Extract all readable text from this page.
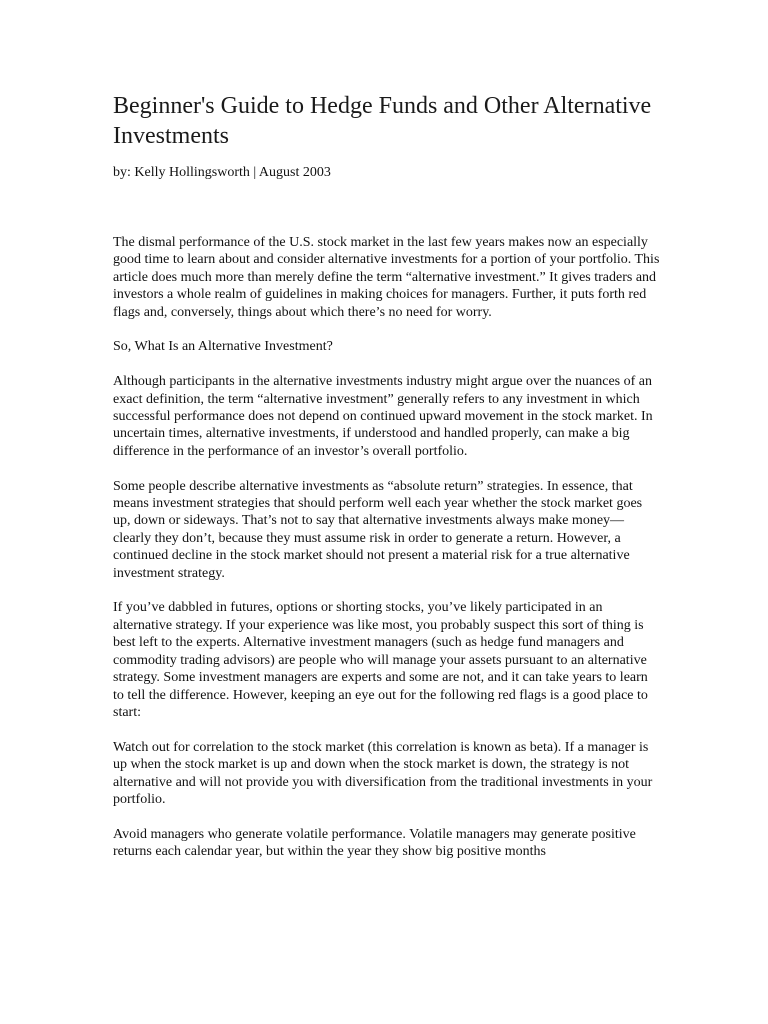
Beginner's Guide to Hedge Funds and Other Alternative Investments
by: Kelly Hollingsworth | August 2003

The dismal performance of the U.S. stock market in the last few years makes now an especially good time to learn about and consider alternative investments for a portion of your portfolio. This article does much more than merely define the term “alternative investment.” It gives traders and investors a whole realm of guidelines in making choices for managers. Further, it puts forth red flags and, conversely, things about which there’s no need for worry.

So, What Is an Alternative Investment?

Although participants in the alternative investments industry might argue over the nuances of an exact definition, the term “alternative investment” generally refers to any investment in which successful performance does not depend on continued upward movement in the stock market. In uncertain times, alternative investments, if understood and handled properly, can make a big difference in the performance of an investor’s overall portfolio.

Some people describe alternative investments as “absolute return” strategies. In essence, that means investment strategies that should perform well each year whether the stock market goes up, down or sideways. That’s not to say that alternative investments always make money—clearly they don’t, because they must assume risk in order to generate a return. However, a continued decline in the stock market should not present a material risk for a true alternative investment strategy.

If you’ve dabbled in futures, options or shorting stocks, you’ve likely participated in an alternative strategy. If your experience was like most, you probably suspect this sort of thing is best left to the experts. Alternative investment managers (such as hedge fund managers and commodity trading advisors) are people who will manage your assets pursuant to an alternative strategy. Some investment managers are experts and some are not, and it can take years to learn to tell the difference. However, keeping an eye out for the following red flags is a good place to start:

Watch out for correlation to the stock market (this correlation is known as beta). If a manager is up when the stock market is up and down when the stock market is down, the strategy is not alternative and will not provide you with diversification from the traditional investments in your portfolio.

Avoid managers who generate volatile performance. Volatile managers may generate positive returns each calendar year, but within the year they show big positive months
